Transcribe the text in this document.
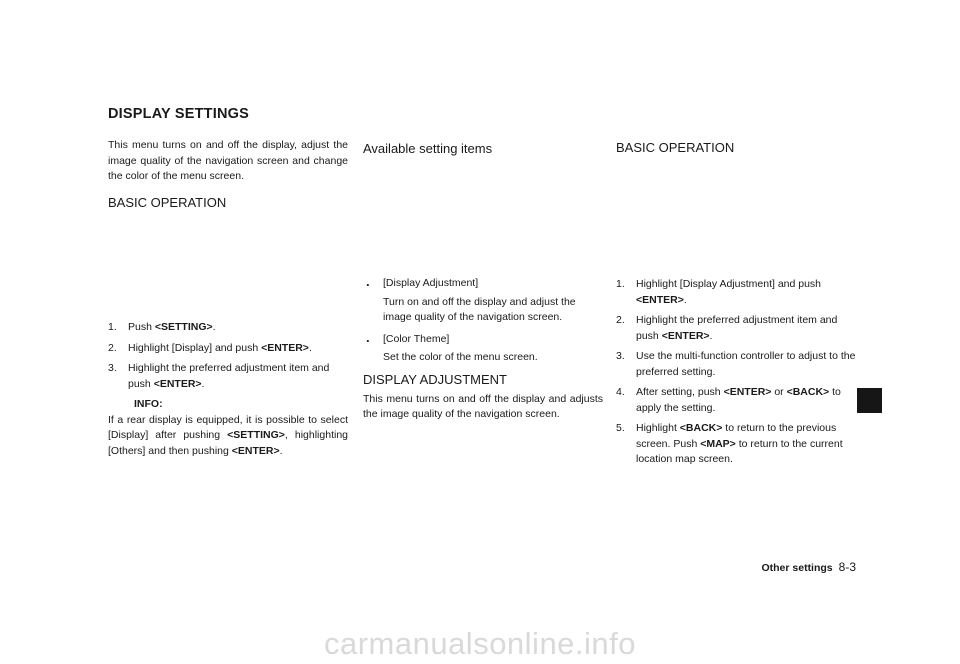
DISPLAY SETTINGS

This menu turns on and off the display, adjust the image quality of the navigation screen and change the color of the menu screen.

BASIC OPERATION
1. Push <SETTING>.
2. Highlight [Display] and push <ENTER>.
3. Highlight the preferred adjustment item and push <ENTER>.

INFO:

If a rear display is equipped, it is possible to select [Display] after pushing <SETTING>, highlighting [Others] and then pushing <ENTER>.

Available setting items
. [Display Adjustment]
Turn on and off the display and adjust the image quality of the navigation screen.
. [Color Theme]
Set the color of the menu screen.
DISPLAY ADJUSTMENT

This menu turns on and off the display and adjusts the image quality of the navigation screen.

BASIC OPERATION
1. Highlight [Display Adjustment] and push <ENTER>.
2. Highlight the preferred adjustment item and push <ENTER>.
3. Use the multi-function controller to adjust to the preferred setting.
4. After setting, push <ENTER> or <BACK> to apply the setting.
5. Highlight <BACK> to return to the previous screen. Push <MAP> to return to the current location map screen.
Other settings 8-3
carmanualsonline.info
